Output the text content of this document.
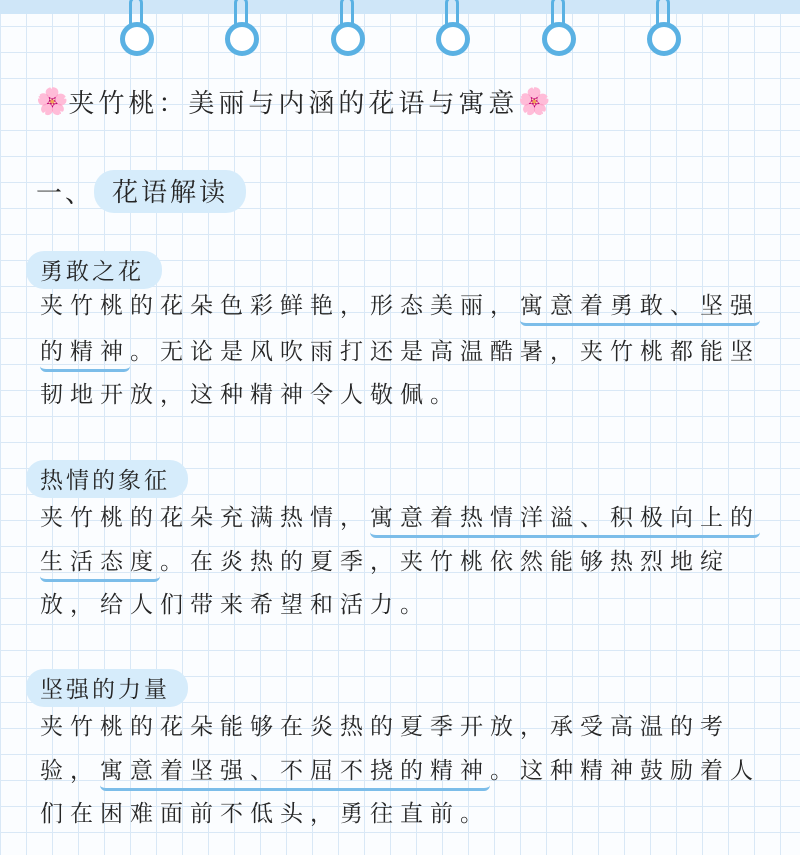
🌸 夹竹桃：美丽与内涵的花语与寓意 🌸
一、 花语解读
勇敢之花
夹竹桃的花朵色彩鲜艳，形态美丽，寓意着勇敢、坚强
的精神。无论是风吹雨打还是高温酷暑，夹竹桃都能坚
韧地开放，这种精神令人敬佩。
热情的象征
夹竹桃的花朵充满热情，寓意着热情洋溢、积极向上的
生活态度。在炎热的夏季，夹竹桃依然能够热烈地绽
放，给人们带来希望和活力。
坚强的力量
夹竹桃的花朵能够在炎热的夏季开放，承受高温的考
验，寓意着坚强、不屈不挠的精神。这种精神鼓励着人
们在困难面前不低头，勇往直前。
